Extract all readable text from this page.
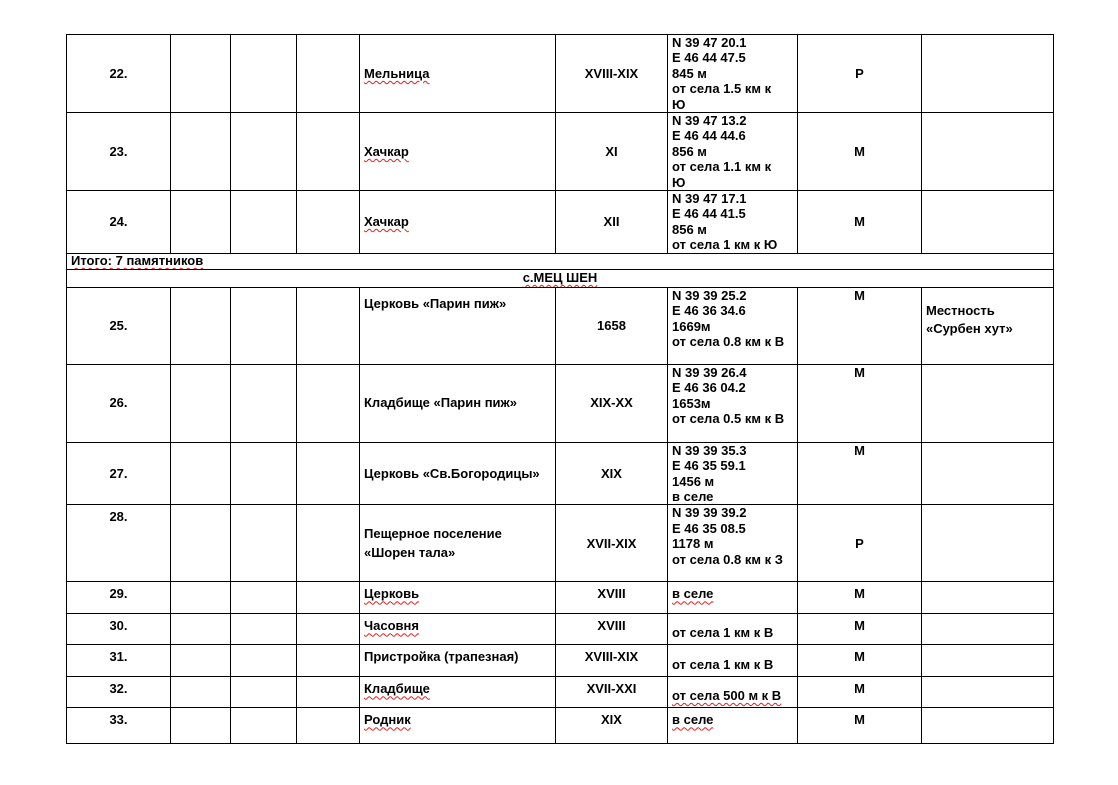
22.				Мельница	XVIII-XIX	N 39 47 20.1
E 46 44 47.5
845 м
от села 1.5 км к
Ю	Р	
23.				Хачкар	XI	N 39 47 13.2
E 46 44 44.6
856 м
от села 1.1 км к
Ю	М	
24.				Хачкар	XII	N 39 47 17.1
E 46 44 41.5
856 м
от села 1 км к Ю	М	
Итого: 7 памятников								
с.МЕЦ ШЕН								
25.				Церковь «Парин пиж»	1658	N 39 39 25.2
E 46 36 34.6
1669м
от села 0.8 км к В	М	Местность
«Сурбен хут»

26.				Кладбище «Парин пиж»	XIX-XX	N 39 39 26.4
E 46 36 04.2
1653м
от села 0.5 км к В	М	
27.				Церковь «Св.Богородицы»	XIX	N 39 39 35.3
E 46 35 59.1
1456 м
в селе	М	
28.				Пещерное поселение
«Шорен тала»	XVII-XIX	N 39 39 39.2
E 46 35 08.5
1178 м
от села 0.8 км к З	Р	
29.				Церковь	XVIII	в селе	М	
30.				Часовня	XVIII	от села 1 км к В	М	
31.				Пристройка (трапезная)	XVIII-XIX	от села 1 км к В	М	
32.				Кладбище	XVII-XXI	от села 500 м к В	М	
33.				Родник	XIX	в селе	М	
